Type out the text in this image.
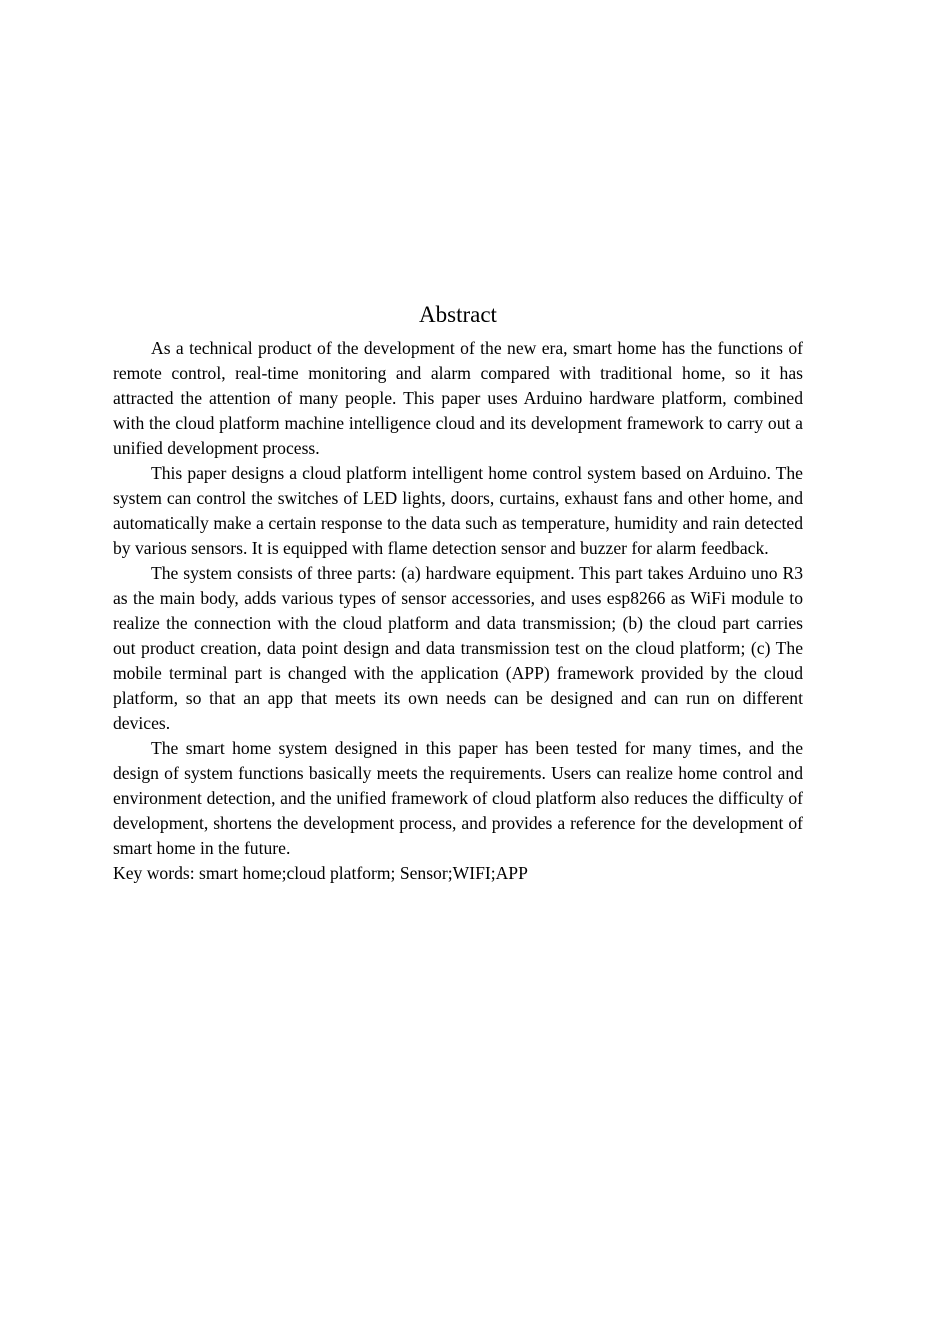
Abstract

As a technical product of the development of the new era, smart home has the functions of remote control, real-time monitoring and alarm compared with traditional home, so it has attracted the attention of many people. This paper uses Arduino hardware platform, combined with the cloud platform machine intelligence cloud and its development framework to carry out a unified development process.

This paper designs a cloud platform intelligent home control system based on Arduino. The system can control the switches of LED lights, doors, curtains, exhaust fans and other home, and automatically make a certain response to the data such as temperature, humidity and rain detected by various sensors. It is equipped with flame detection sensor and buzzer for alarm feedback.

The system consists of three parts: (a) hardware equipment. This part takes Arduino uno R3 as the main body, adds various types of sensor accessories, and uses esp8266 as WiFi module to realize the connection with the cloud platform and data transmission; (b) the cloud part carries out product creation, data point design and data transmission test on the cloud platform; (c) The mobile terminal part is changed with the application (APP) framework provided by the cloud platform, so that an app that meets its own needs can be designed and can run on different devices.

The smart home system designed in this paper has been tested for many times, and the design of system functions basically meets the requirements. Users can realize home control and environment detection, and the unified framework of cloud platform also reduces the difficulty of development, shortens the development process, and provides a reference for the development of smart home in the future.

Key words: smart home;cloud platform; Sensor;WIFI;APP
